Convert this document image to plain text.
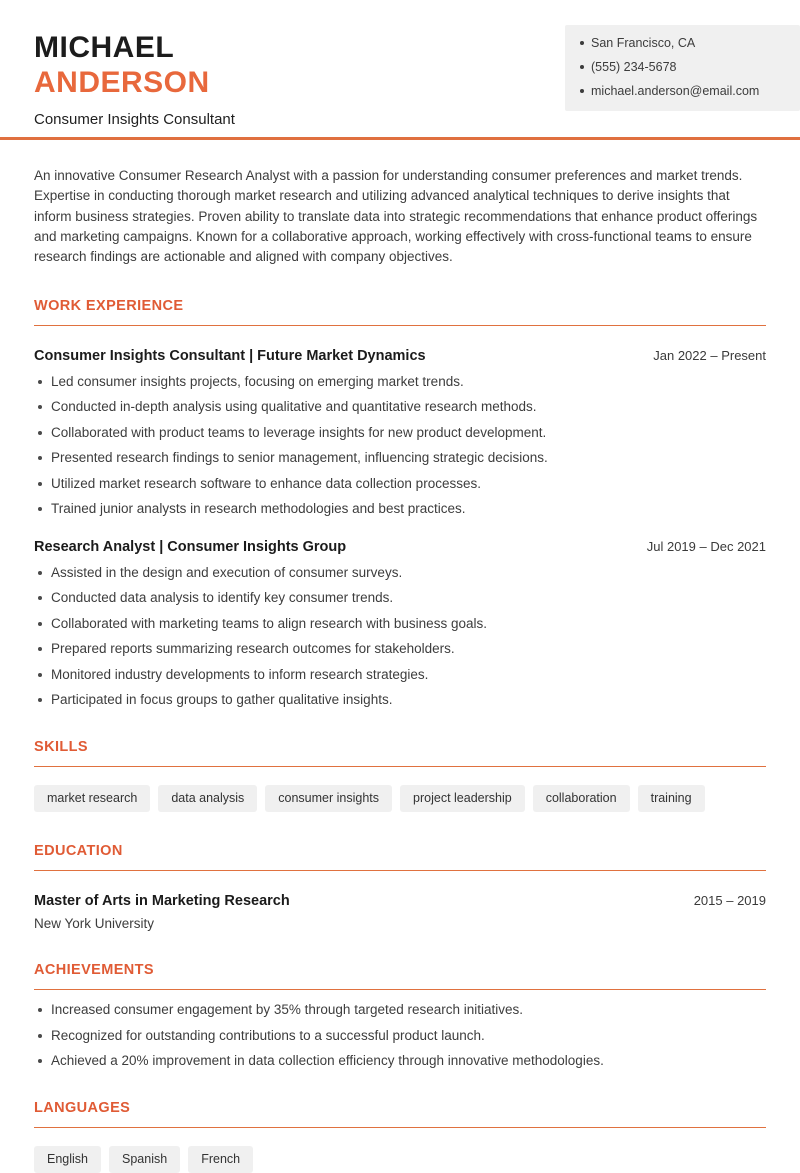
MICHAEL
ANDERSON
Consumer Insights Consultant
San Francisco, CA
(555) 234-5678
michael.anderson@email.com

An innovative Consumer Research Analyst with a passion for understanding consumer preferences and market trends. Expertise in conducting thorough market research and utilizing advanced analytical techniques to derive insights that inform business strategies. Proven ability to translate data into strategic recommendations that enhance product offerings and marketing campaigns. Known for a collaborative approach, working effectively with cross-functional teams to ensure research findings are actionable and aligned with company objectives.

WORK EXPERIENCE
Consumer Insights Consultant | Future Market Dynamics	Jan 2022 – Present
Led consumer insights projects, focusing on emerging market trends.
Conducted in-depth analysis using qualitative and quantitative research methods.
Collaborated with product teams to leverage insights for new product development.
Presented research findings to senior management, influencing strategic decisions.
Utilized market research software to enhance data collection processes.
Trained junior analysts in research methodologies and best practices.
Research Analyst | Consumer Insights Group	Jul 2019 – Dec 2021
Assisted in the design and execution of consumer surveys.
Conducted data analysis to identify key consumer trends.
Collaborated with marketing teams to align research with business goals.
Prepared reports summarizing research outcomes for stakeholders.
Monitored industry developments to inform research strategies.
Participated in focus groups to gather qualitative insights.
SKILLS
market research	data analysis	consumer insights	project leadership	collaboration	training
EDUCATION
Master of Arts in Marketing Research	2015 – 2019
New York University
ACHIEVEMENTS
Increased consumer engagement by 35% through targeted research initiatives.
Recognized for outstanding contributions to a successful product launch.
Achieved a 20% improvement in data collection efficiency through innovative methodologies.
LANGUAGES
English	Spanish	French
